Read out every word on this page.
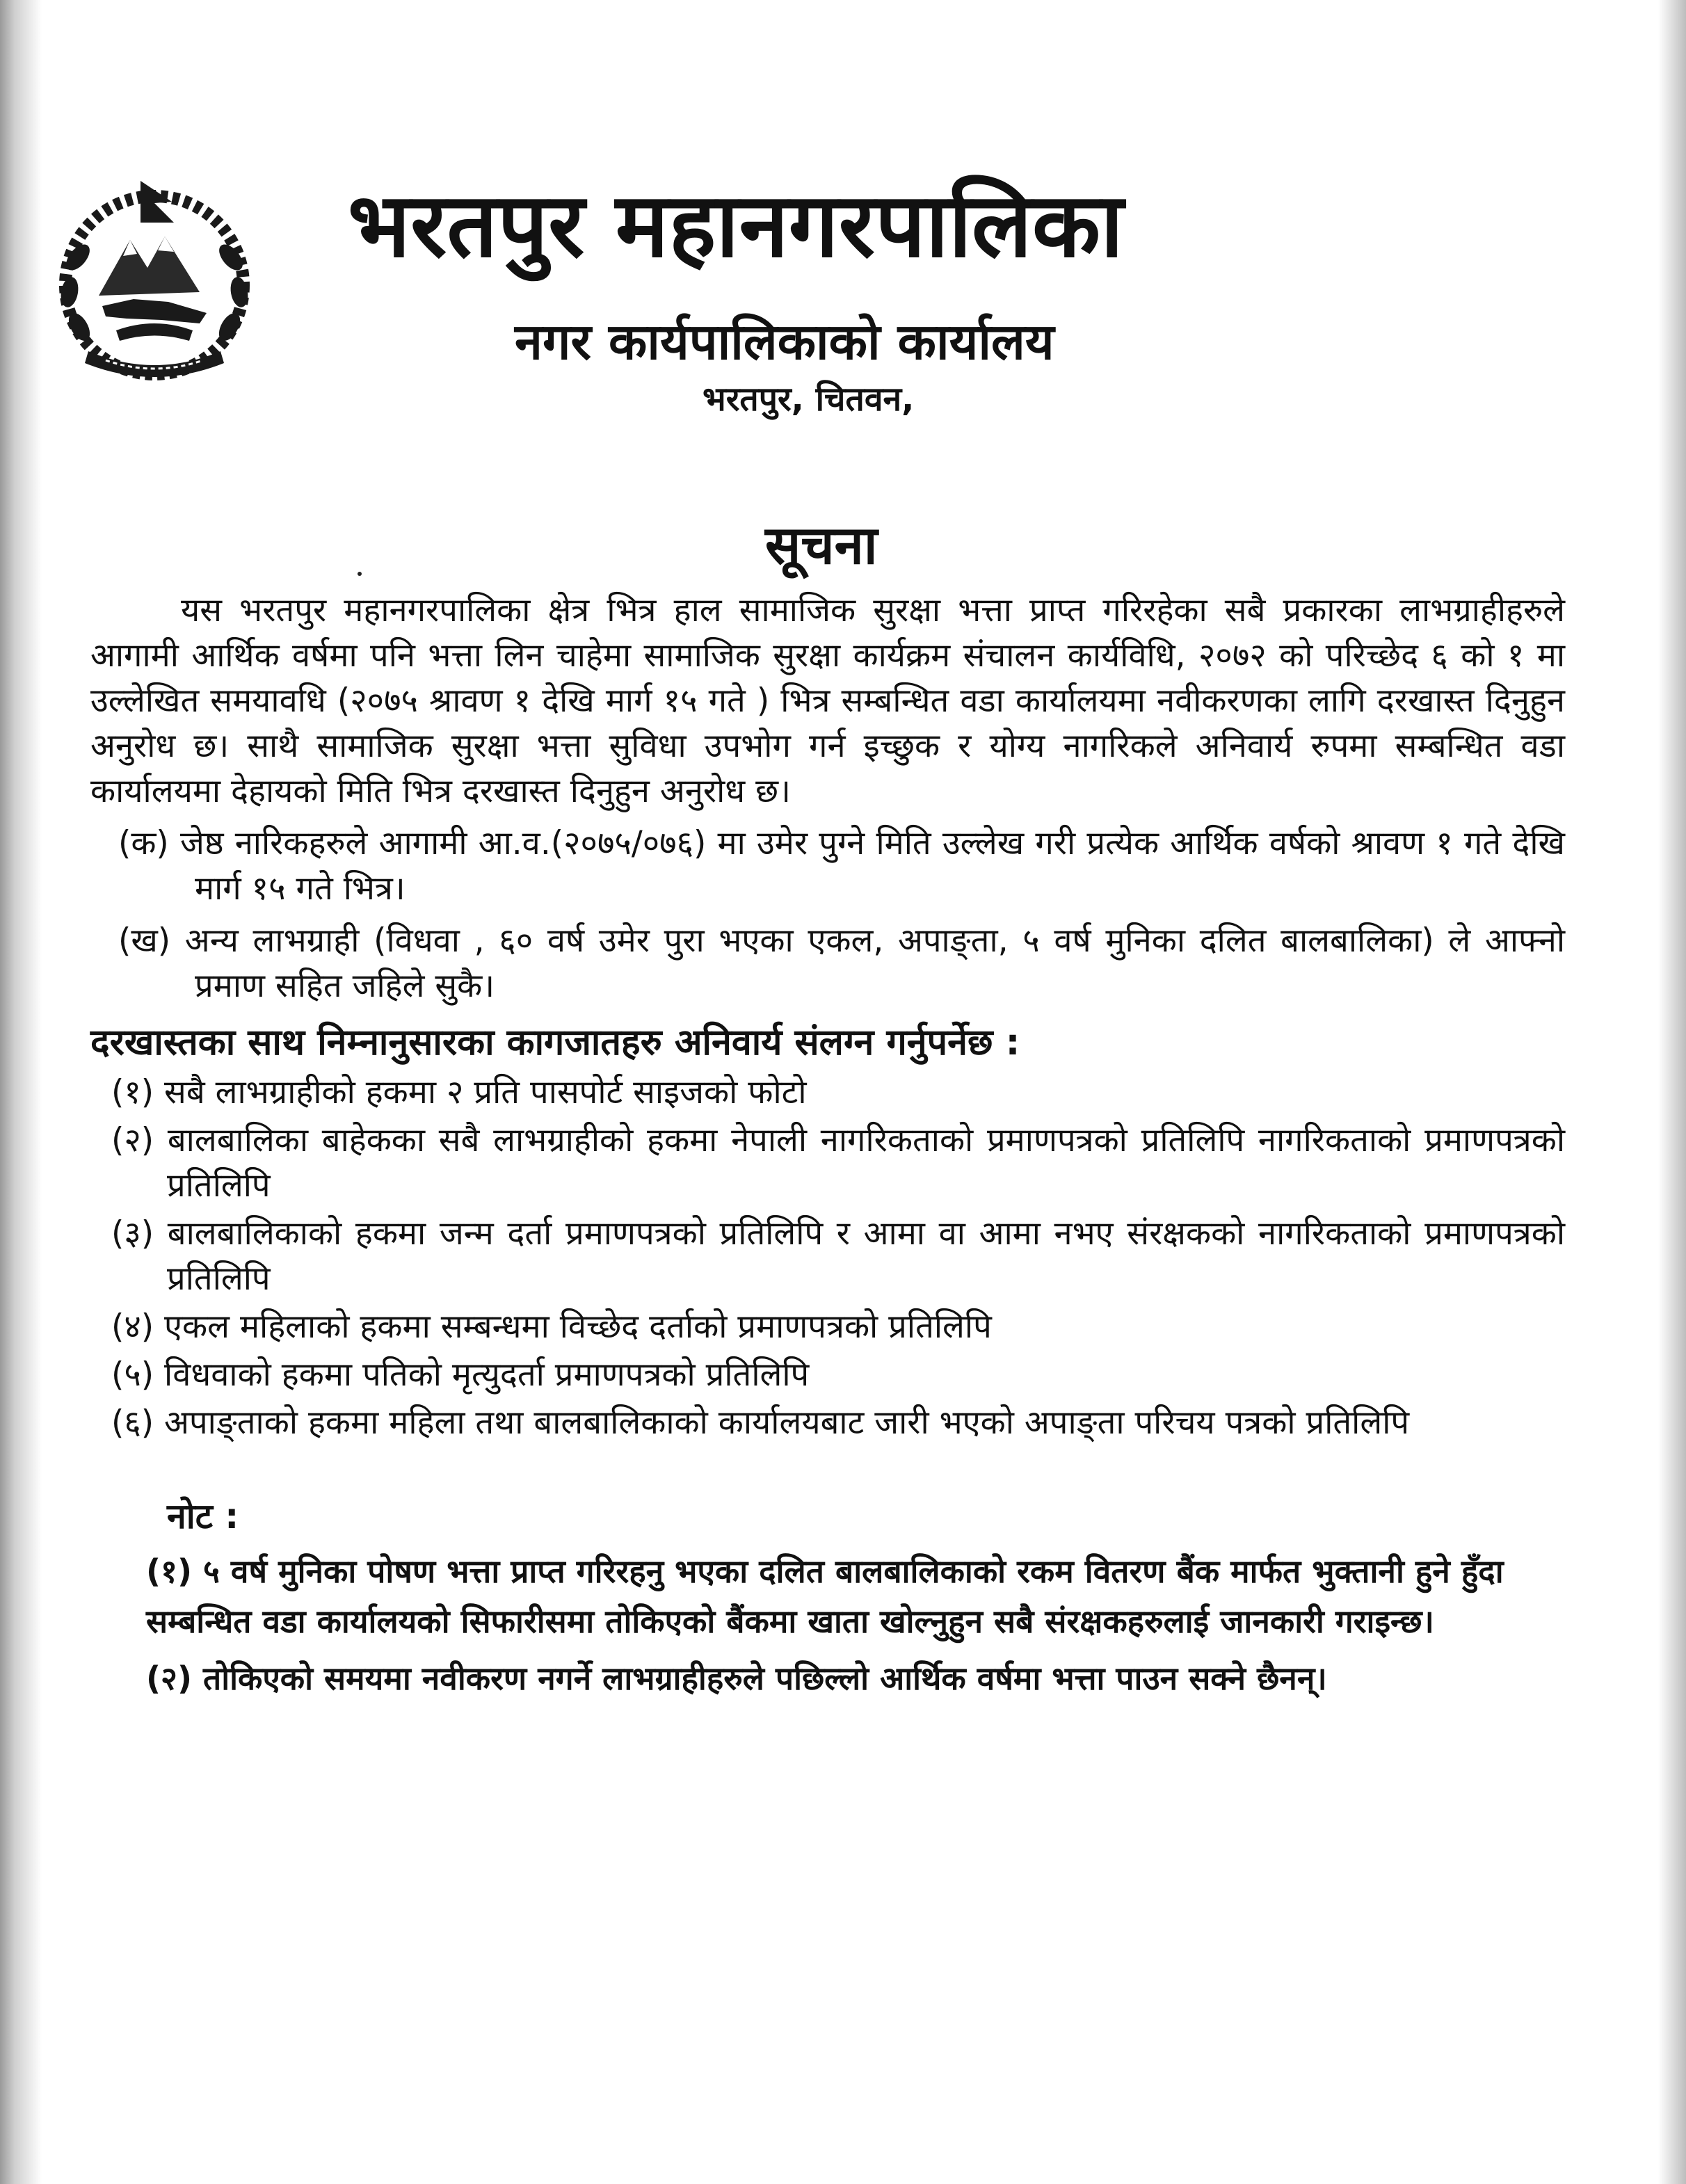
भरतपुर महानगरपालिका
नगर कार्यपालिकाको कार्यालय
भरतपुर, चितवन,
सूचना

यस भरतपुर महानगरपालिका क्षेत्र भित्र हाल सामाजिक सुरक्षा भत्ता प्राप्त गरिरहेका सबै प्रकारका लाभग्राहीहरुले आगामी आर्थिक वर्षमा पनि भत्ता लिन चाहेमा सामाजिक सुरक्षा कार्यक्रम संचालन कार्यविधि, २०७२ को परिच्छेद ६ को १ मा उल्लेखित समयावधि (२०७५ श्रावण १ देखि मार्ग १५ गते ) भित्र सम्बन्धित वडा कार्यालयमा नवीकरणका लागि दरखास्त दिनुहुन अनुरोध छ। साथै सामाजिक सुरक्षा भत्ता सुविधा उपभोग गर्न इच्छुक र योग्य नागरिकले अनिवार्य रुपमा सम्बन्धित वडा कार्यालयमा देहायको मिति भित्र दरखास्त दिनुहुन अनुरोध छ।

(क) जेष्ठ नारिकहरुले आगामी आ.व.(२०७५/०७६) मा उमेर पुग्ने मिति उल्लेख गरी प्रत्येक आर्थिक वर्षको श्रावण १ गते देखि मार्ग १५ गते भित्र।

(ख) अन्य लाभग्राही (विधवा , ६० वर्ष उमेर पुरा भएका एकल, अपाङ्ता, ५ वर्ष मुनिका दलित बालबालिका) ले आफ्नो प्रमाण सहित जहिले सुकै।

दरखास्तका साथ निम्नानुसारका कागजातहरु अनिवार्य संलग्न गर्नुपर्नेछ :

(१) सबै लाभग्राहीको हकमा २ प्रति पासपोर्ट साइजको फोटो

(२) बालबालिका बाहेकका सबै लाभग्राहीको हकमा नेपाली नागरिकताको प्रमाणपत्रको प्रतिलिपि नागरिकताको प्रमाणपत्रको प्रतिलिपि

(३) बालबालिकाको हकमा जन्म दर्ता प्रमाणपत्रको प्रतिलिपि र आमा वा आमा नभए संरक्षकको नागरिकताको प्रमाणपत्रको प्रतिलिपि

(४) एकल महिलाको हकमा सम्बन्धमा विच्छेद दर्ताको प्रमाणपत्रको प्रतिलिपि

(५) विधवाको हकमा पतिको मृत्युदर्ता प्रमाणपत्रको प्रतिलिपि

(६) अपाङ्ताको हकमा महिला तथा बालबालिकाको कार्यालयबाट जारी भएको अपाङ्ता परिचय पत्रको प्रतिलिपि

नोट :

(१) ५ वर्ष मुनिका पोषण भत्ता प्राप्त गरिरहनु भएका दलित बालबालिकाको रकम वितरण बैंक मार्फत भुक्तानी हुने हुँदा सम्बन्धित वडा कार्यालयको सिफारीसमा तोकिएको बैंकमा खाता खोल्नुहुन सबै संरक्षकहरुलाई जानकारी गराइन्छ।

(२) तोकिएको समयमा नवीकरण नगर्ने लाभग्राहीहरुले पछिल्लो आर्थिक वर्षमा भत्ता पाउन सक्ने छैनन्।
